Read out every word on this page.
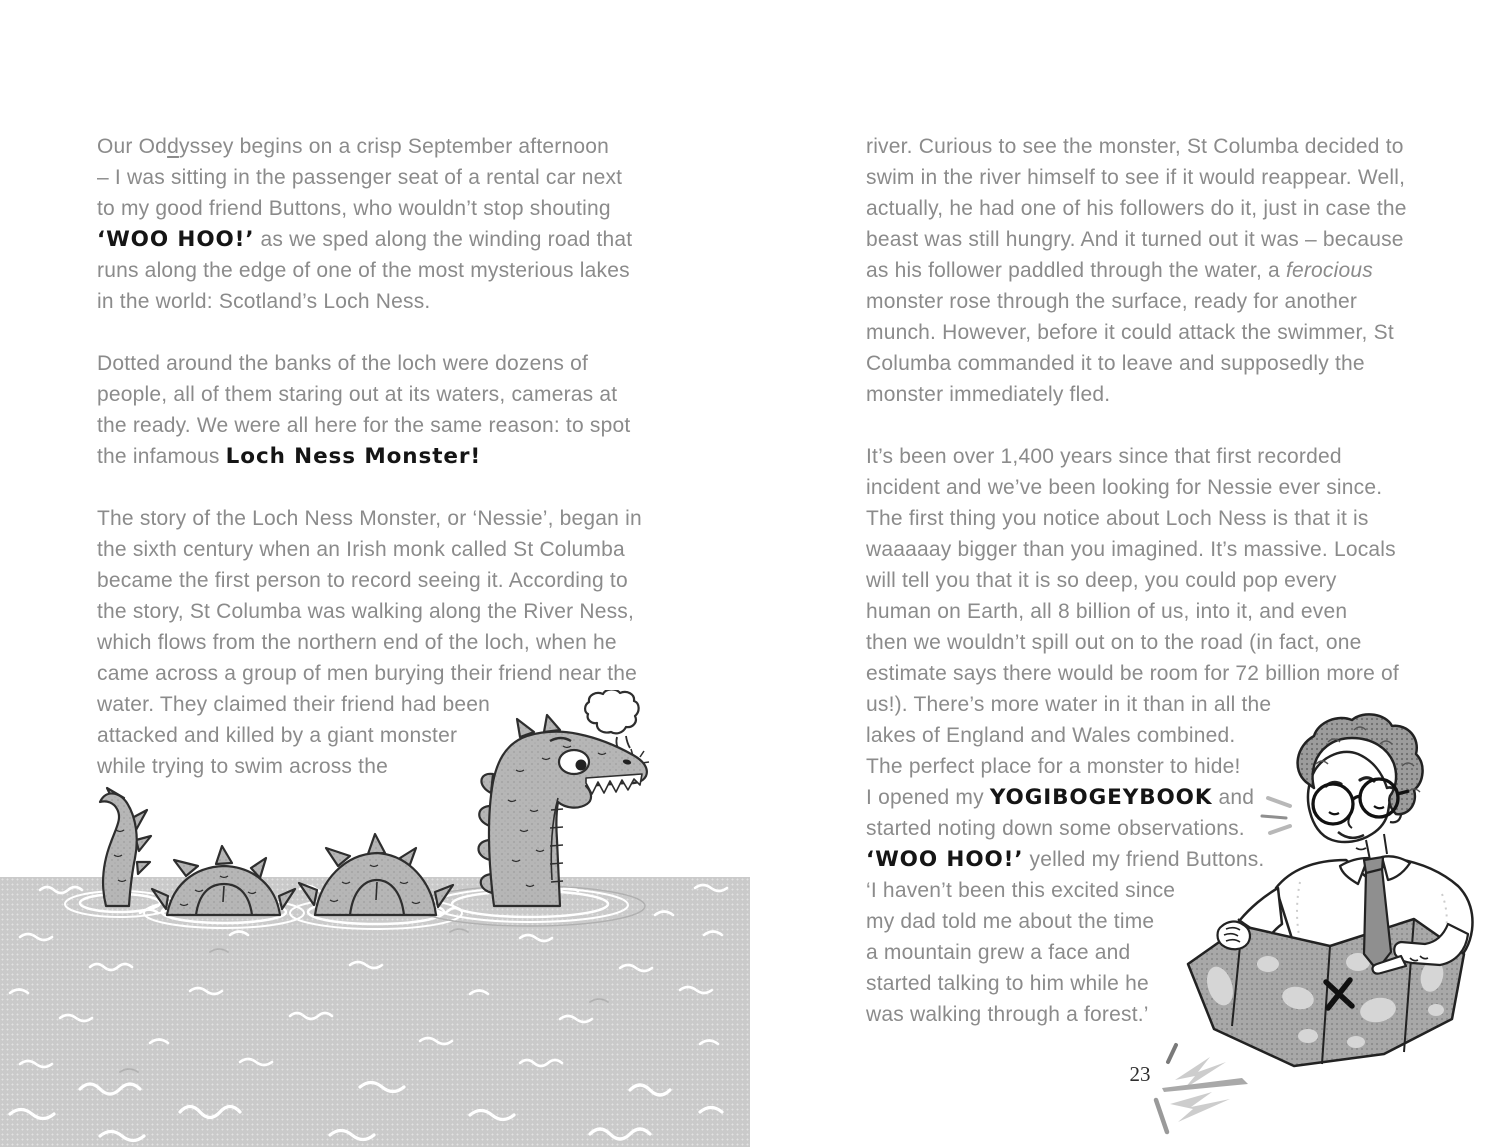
Our Oddyssey begins on a crisp September afternoon
– I was sitting in the passenger seat of a rental car next
to my good friend Buttons, who wouldn’t stop shouting
‘WOO HOO!’ as we sped along the winding road that
runs along the edge of one of the most mysterious lakes
in the world: Scotland’s Loch Ness.
Dotted around the banks of the loch were dozens of
people, all of them staring out at its waters, cameras at
the ready. We were all here for the same reason: to spot
the infamous Loch Ness Monster!
The story of the Loch Ness Monster, or ‘Nessie’, began in
the sixth century when an Irish monk called St Columba
became the first person to record seeing it. According to
the story, St Columba was walking along the River Ness,
which flows from the northern end of the loch, when he
came across a group of men burying their friend near the
water. They claimed their friend had been
attacked and killed by a giant monster
while trying to swim across the
river. Curious to see the monster, St Columba decided to
swim in the river himself to see if it would reappear. Well,
actually, he had one of his followers do it, just in case the
beast was still hungry. And it turned out it was – because
as his follower paddled through the water, a ferocious
monster rose through the surface, ready for another
munch. However, before it could attack the swimmer, St
Columba commanded it to leave and supposedly the
monster immediately fled.
It’s been over 1,400 years since that first recorded
incident and we’ve been looking for Nessie ever since.
The first thing you notice about Loch Ness is that it is
waaaaay bigger than you imagined. It’s massive. Locals
will tell you that it is so deep, you could pop every
human on Earth, all 8 billion of us, into it, and even
then we wouldn’t spill out on to the road (in fact, one
estimate says there would be room for 72 billion more of
us!). There’s more water in it than in all the
lakes of England and Wales combined.
The perfect place for a monster to hide!
I opened my YOGIBOGEYBOOK and
started noting down some observations.
‘WOO HOO!’ yelled my friend Buttons.
‘I haven’t been this excited since
my dad told me about the time
a mountain grew a face and
started talking to him while he
was walking through a forest.’
23
